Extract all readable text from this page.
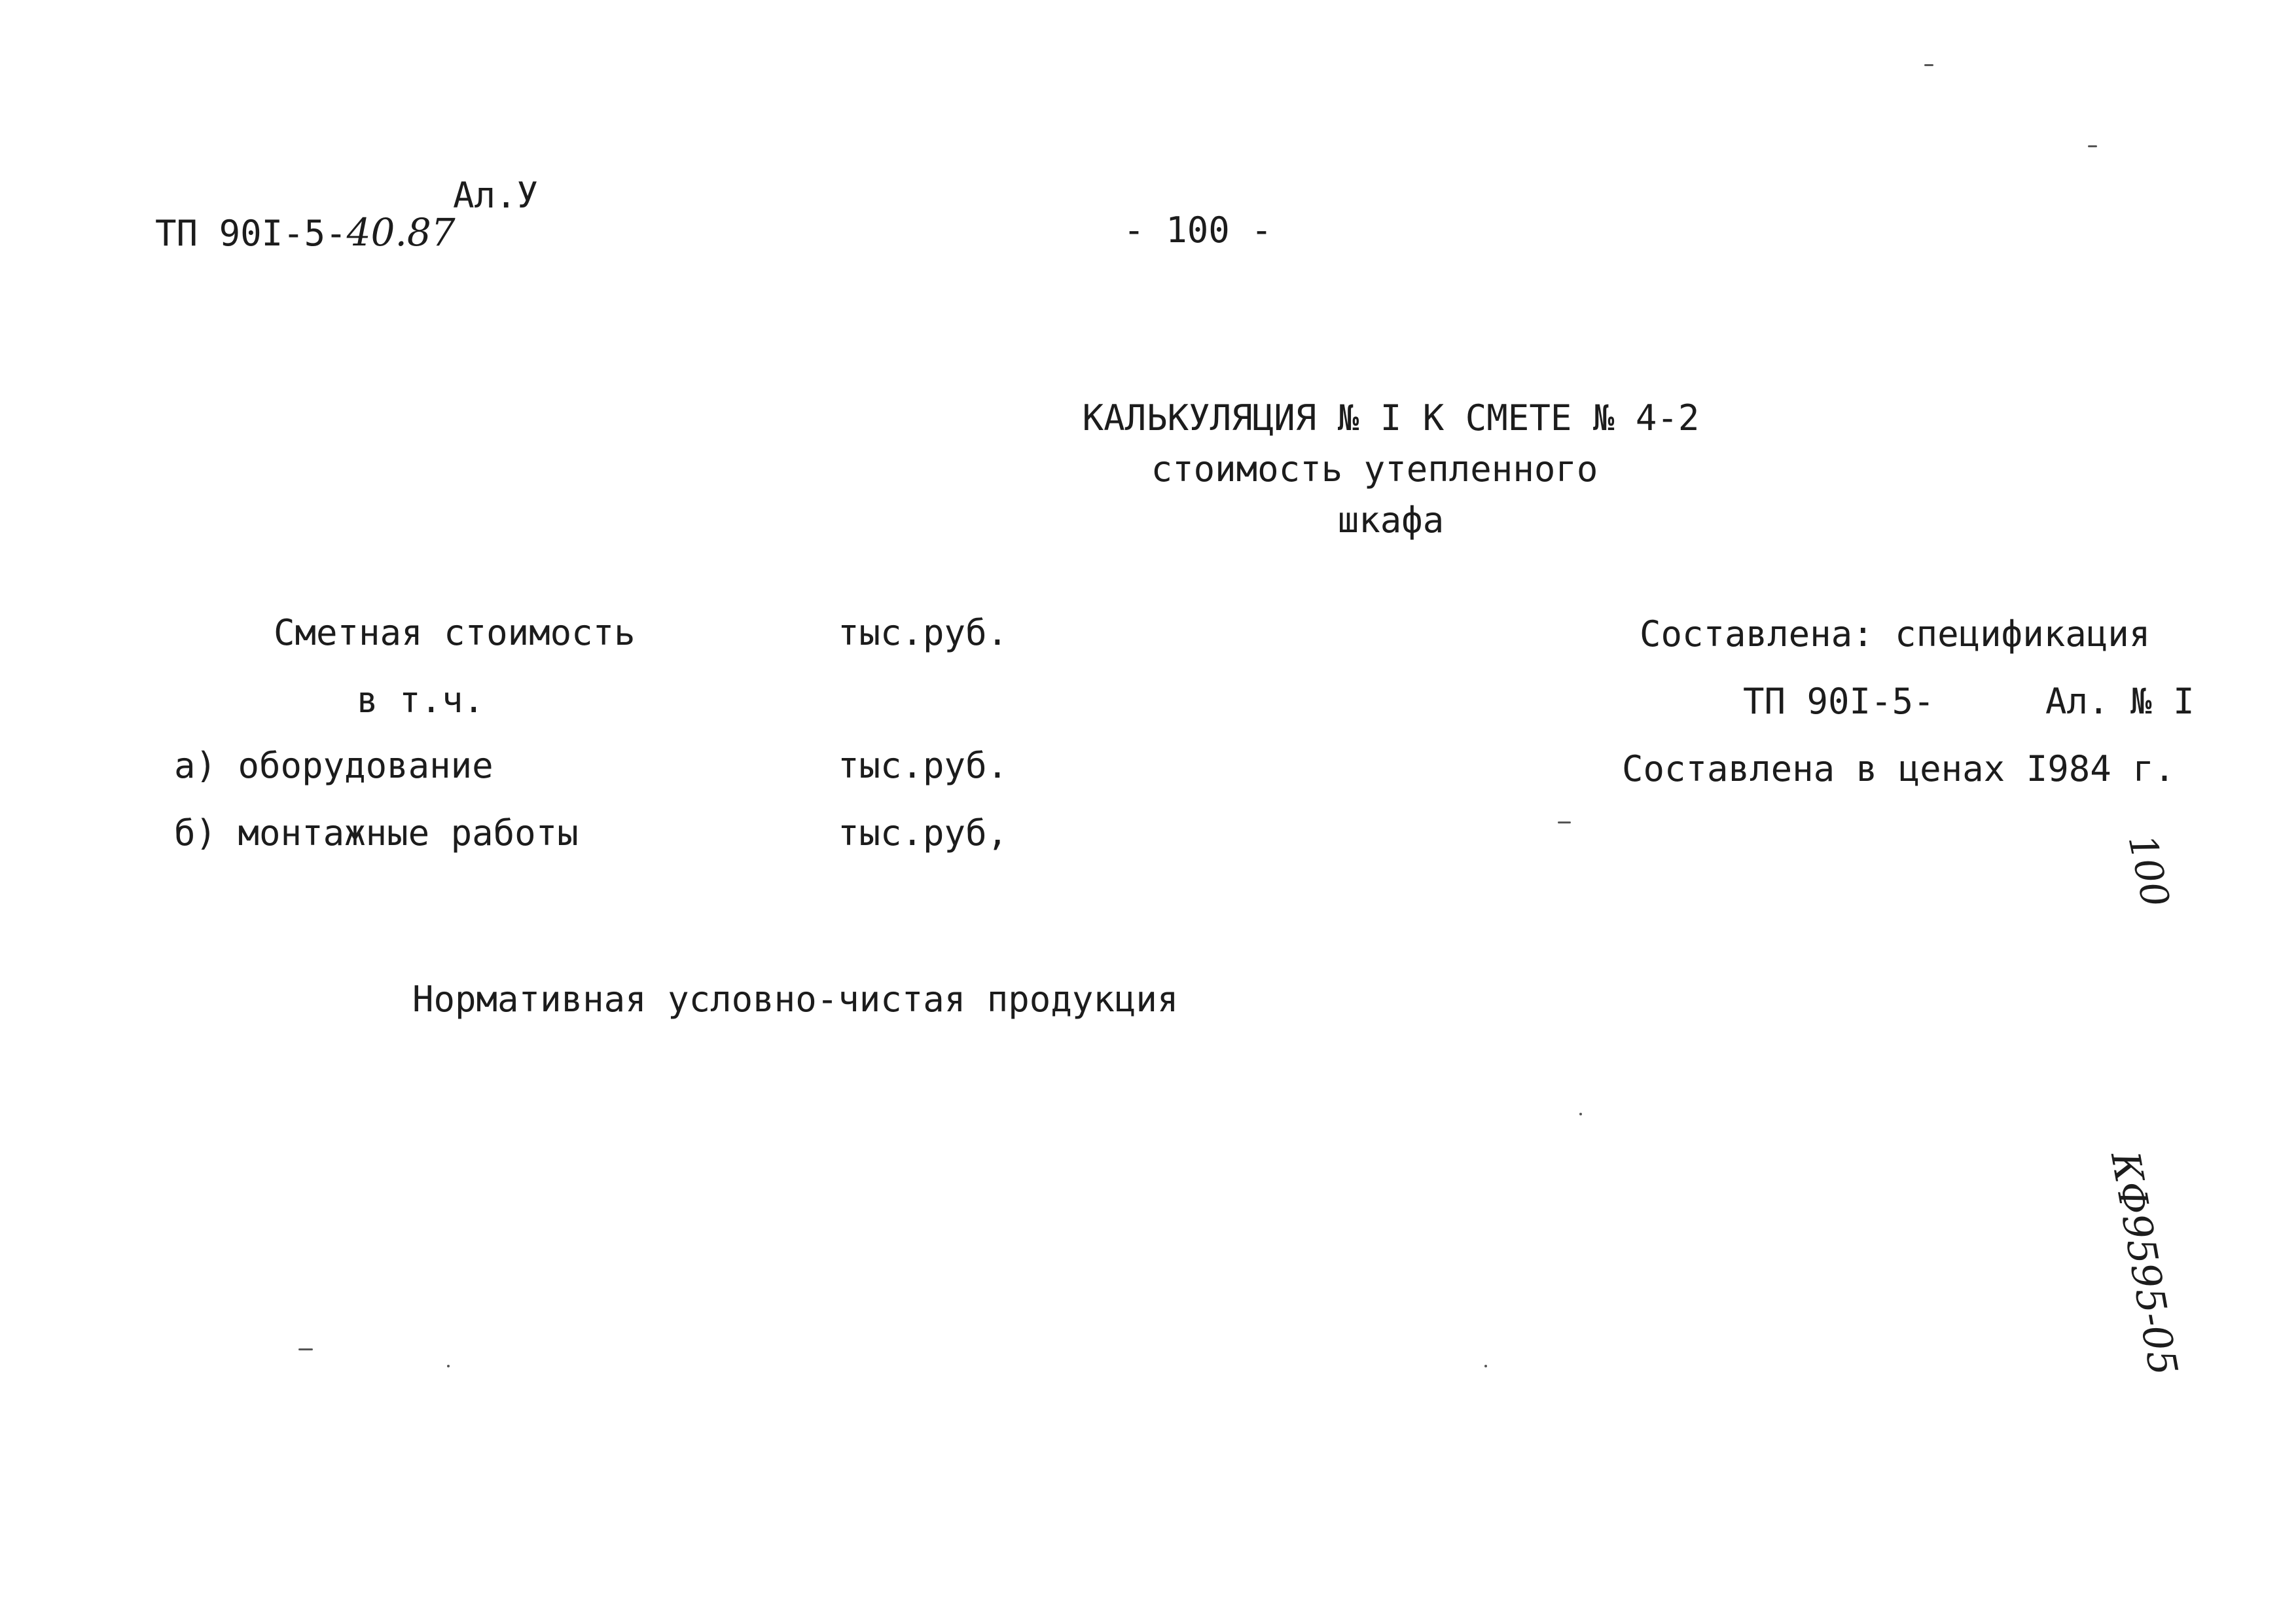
ТП 90І-5-40.87

Ал.У
- 100 -
КАЛЬКУЛЯЦИЯ № I К СМЕТЕ № 4-2
стоимость утепленного
шкафа
Сметная стоимость	тыс.руб.
в т.ч.
а) оборудование	тыс.руб.
б) монтажные работы	тыс.руб,
Составлена: спецификация
ТП 90І-5-	Ал. № I
Составлена в ценах I984 г.
Нормативная условно-чистая продукция
100
КФ9595-05
